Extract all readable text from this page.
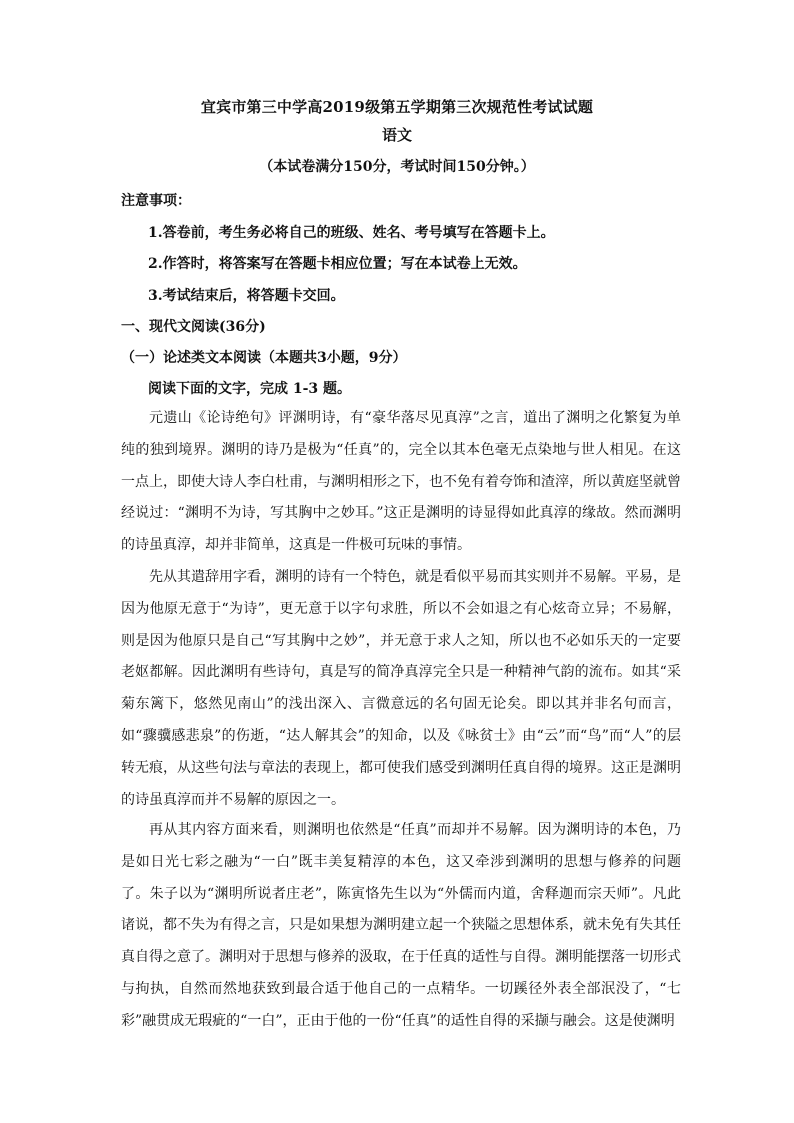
宜宾市第三中学高2019级第五学期第三次规范性考试试题
语文
（本试卷满分150分，考试时间150分钟。）
注意事项：
1.答卷前，考生务必将自己的班级、姓名、考号填写在答题卡上。
2.作答时，将答案写在答题卡相应位置；写在本试卷上无效。
3.考试结束后，将答题卡交回。
一、现代文阅读(36分)
（一）论述类文本阅读（本题共3小题，9分）
阅读下面的文字，完成 1-3 题。
元遗山《论诗绝句》评渊明诗，有“豪华落尽见真淳”之言，道出了渊明之化繁复为单纯的独到境界。渊明的诗乃是极为“任真”的，完全以其本色毫无点染地与世人相见。在这一点上，即使大诗人李白杜甫，与渊明相形之下，也不免有着夸饰和渣滓，所以黄庭坚就曾经说过：“渊明不为诗，写其胸中之妙耳。”这正是渊明的诗显得如此真淳的缘故。然而渊明的诗虽真淳，却并非简单，这真是一件极可玩味的事情。
先从其遣辞用字看，渊明的诗有一个特色，就是看似平易而其实则并不易解。平易，是因为他原无意于“为诗”，更无意于以字句求胜，所以不会如退之有心炫奇立异；不易解，则是因为他原只是自己“写其胸中之妙”，并无意于求人之知，所以也不必如乐天的一定要老妪都解。因此渊明有些诗句，真是写的简净真淳完全只是一种精神气韵的流布。如其“采菊东篱下，悠然见南山”的浅出深入、言微意远的名句固无论矣。即以其并非名句而言，如“骤骥感悲泉”的伤逝，“达人解其会”的知命，以及《咏贫士》由“云”而“鸟”而“人”的层转无痕，从这些句法与章法的表现上，都可使我们感受到渊明任真自得的境界。这正是渊明的诗虽真淳而并不易解的原因之一。
再从其内容方面来看，则渊明也依然是“任真”而却并不易解。因为渊明诗的本色，乃是如日光七彩之融为“一白”既丰美复精淳的本色，这又牵涉到渊明的思想与修养的问题了。朱子以为“渊明所说者庄老”，陈寅恪先生以为“外儒而内道，舍释迦而宗天师”。凡此诸说，都不失为有得之言，只是如果想为渊明建立起一个狭隘之思想体系，就未免有失其任真自得之意了。渊明对于思想与修养的汲取，在于任真的适性与自得。渊明能摆落一切形式与拘执，自然而然地获致到最合适于他自己的一点精华。一切蹊径外表全部泯没了，“七彩”融贯成无瑕疵的“一白”，正由于他的一份“任真”的适性自得的采撷与融会。这是使渊明
